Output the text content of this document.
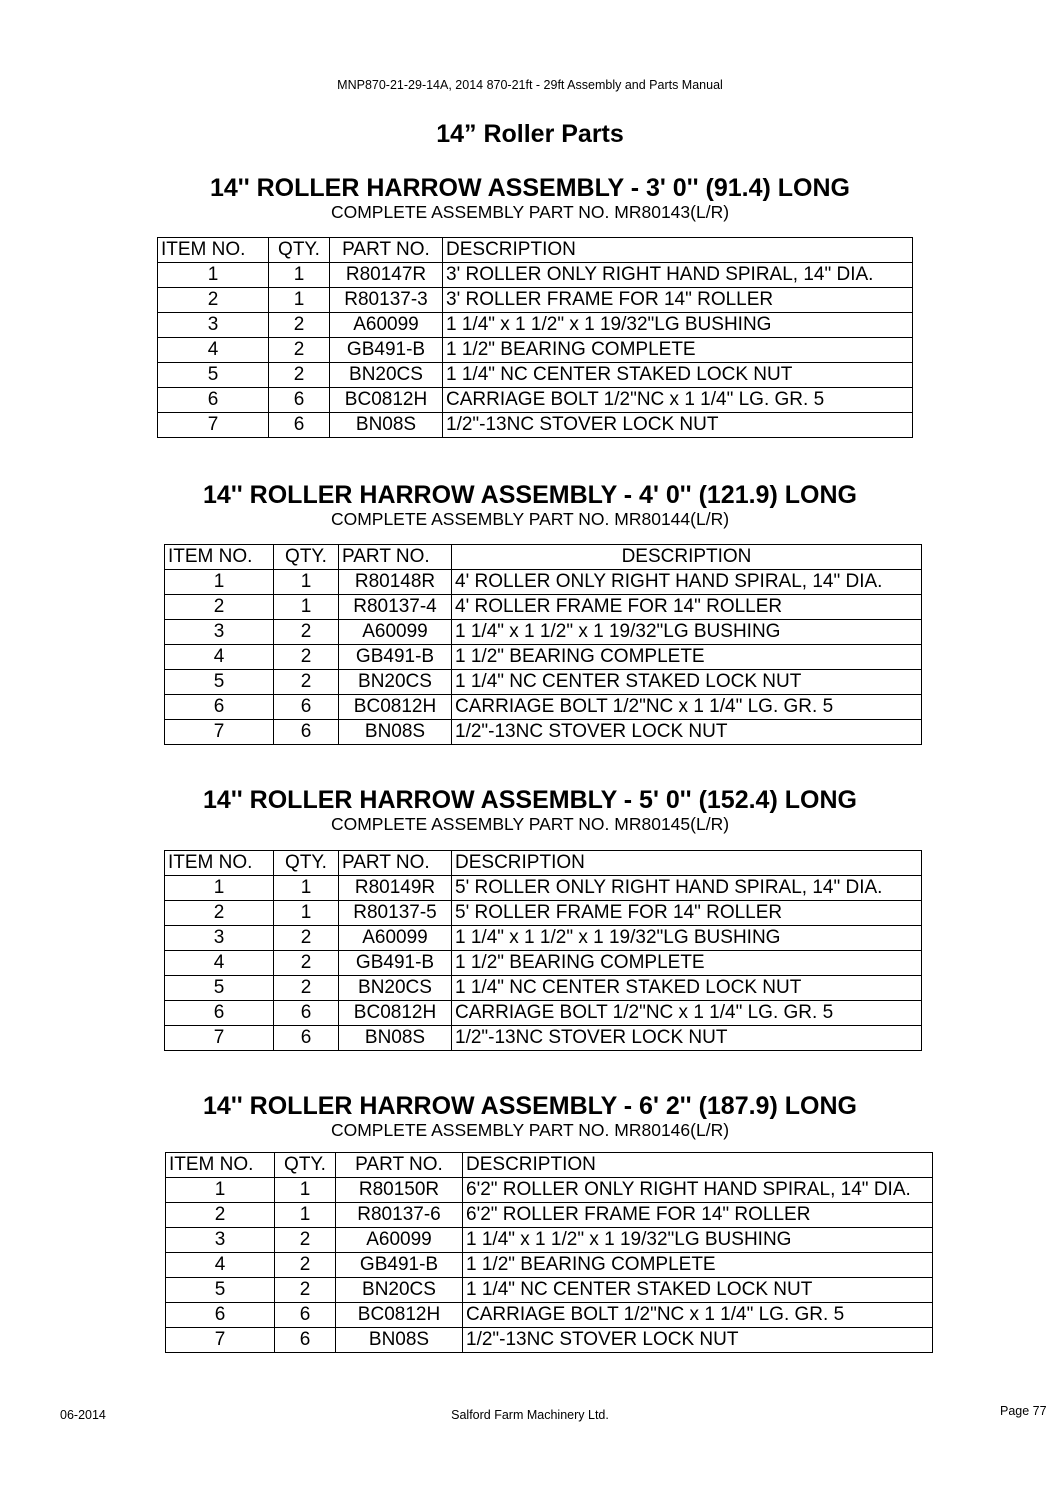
MNP870-21-29-14A, 2014 870-21ft - 29ft Assembly and Parts Manual
14” Roller Parts
14'' ROLLER HARROW ASSEMBLY - 3' 0'' (91.4) LONG
COMPLETE ASSEMBLY PART NO. MR80143(L/R)
ITEM NO.	QTY.	PART NO.	DESCRIPTION
1	1	R80147R	3' ROLLER ONLY RIGHT HAND SPIRAL, 14" DIA.
2	1	R80137-3	3' ROLLER FRAME FOR 14" ROLLER
3	2	A60099	1 1/4" x 1 1/2" x 1 19/32"LG BUSHING
4	2	GB491-B	1 1/2" BEARING COMPLETE
5	2	BN20CS	1 1/4" NC CENTER STAKED LOCK NUT
6	6	BC0812H	CARRIAGE BOLT 1/2"NC x 1 1/4" LG. GR. 5
7	6	BN08S	1/2"-13NC STOVER LOCK NUT
14'' ROLLER HARROW ASSEMBLY - 4' 0'' (121.9) LONG
COMPLETE ASSEMBLY PART NO. MR80144(L/R)
ITEM NO.	QTY.	PART NO.	DESCRIPTION
1	1	R80148R	4' ROLLER ONLY RIGHT HAND SPIRAL, 14" DIA.
2	1	R80137-4	4' ROLLER FRAME FOR 14" ROLLER
3	2	A60099	1 1/4" x 1 1/2" x 1 19/32"LG BUSHING
4	2	GB491-B	1 1/2" BEARING COMPLETE
5	2	BN20CS	1 1/4" NC CENTER STAKED LOCK NUT
6	6	BC0812H	CARRIAGE BOLT 1/2"NC x 1 1/4" LG. GR. 5
7	6	BN08S	1/2"-13NC STOVER LOCK NUT
14'' ROLLER HARROW ASSEMBLY - 5' 0'' (152.4) LONG
COMPLETE ASSEMBLY PART NO. MR80145(L/R)
ITEM NO.	QTY.	PART NO.	DESCRIPTION
1	1	R80149R	5' ROLLER ONLY RIGHT HAND SPIRAL, 14" DIA.
2	1	R80137-5	5' ROLLER FRAME FOR 14" ROLLER
3	2	A60099	1 1/4" x 1 1/2" x 1 19/32"LG BUSHING
4	2	GB491-B	1 1/2" BEARING COMPLETE
5	2	BN20CS	1 1/4" NC CENTER STAKED LOCK NUT
6	6	BC0812H	CARRIAGE BOLT 1/2"NC x 1 1/4" LG. GR. 5
7	6	BN08S	1/2"-13NC STOVER LOCK NUT
14'' ROLLER HARROW ASSEMBLY - 6' 2'' (187.9) LONG
COMPLETE ASSEMBLY PART NO. MR80146(L/R)
ITEM NO.	QTY.	PART NO.	DESCRIPTION
1	1	R80150R	6'2" ROLLER ONLY RIGHT HAND SPIRAL, 14" DIA.
2	1	R80137-6	6'2" ROLLER FRAME FOR 14" ROLLER
3	2	A60099	1 1/4" x 1 1/2" x 1 19/32"LG BUSHING
4	2	GB491-B	1 1/2" BEARING COMPLETE
5	2	BN20CS	1 1/4" NC CENTER STAKED LOCK NUT
6	6	BC0812H	CARRIAGE BOLT 1/2"NC x 1 1/4" LG. GR. 5
7	6	BN08S	1/2"-13NC STOVER LOCK NUT
06-2014	Salford Farm Machinery Ltd.	Page 77
